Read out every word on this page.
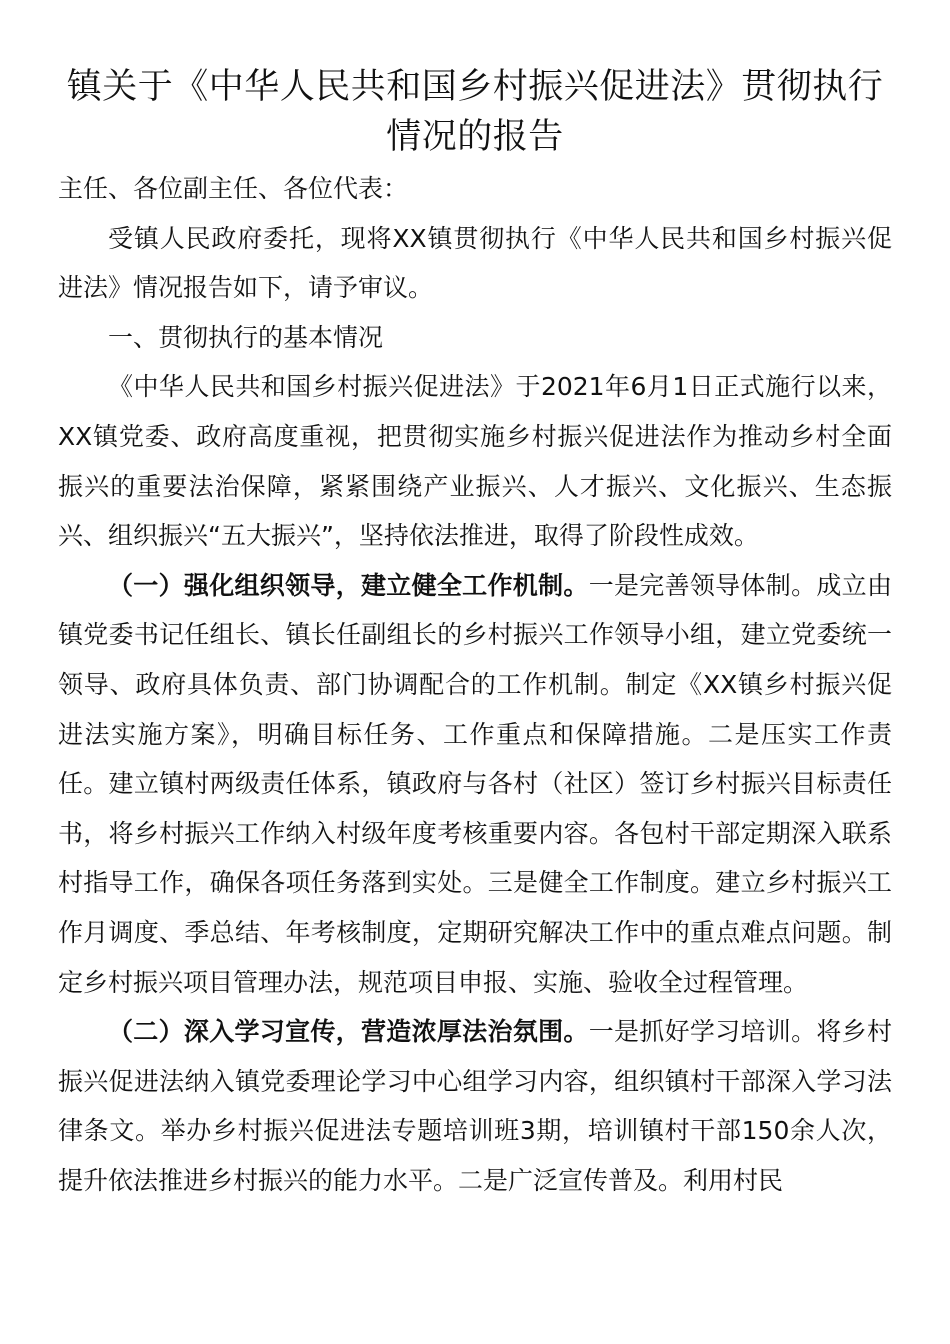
镇关于《中华人民共和国乡村振兴促进法》贯彻执行
情况的报告

主任、各位副主任、各位代表：

受镇人民政府委托，现将XX镇贯彻执行《中华人民共和国乡村振兴促进法》情况报告如下，请予审议。

一、贯彻执行的基本情况

《中华人民共和国乡村振兴促进法》于2021年6月1日正式施行以来，XX镇党委、政府高度重视，把贯彻实施乡村振兴促进法作为推动乡村全面振兴的重要法治保障，紧紧围绕产业振兴、人才振兴、文化振兴、生态振兴、组织振兴“五大振兴”，坚持依法推进，取得了阶段性成效。

（一）强化组织领导，建立健全工作机制。一是完善领导体制。成立由镇党委书记任组长、镇长任副组长的乡村振兴工作领导小组，建立党委统一领导、政府具体负责、部门协调配合的工作机制。制定《XX镇乡村振兴促进法实施方案》，明确目标任务、工作重点和保障措施。二是压实工作责任。建立镇村两级责任体系，镇政府与各村（社区）签订乡村振兴目标责任书，将乡村振兴工作纳入村级年度考核重要内容。各包村干部定期深入联系村指导工作，确保各项任务落到实处。三是健全工作制度。建立乡村振兴工作月调度、季总结、年考核制度，定期研究解决工作中的重点难点问题。制定乡村振兴项目管理办法，规范项目申报、实施、验收全过程管理。

（二）深入学习宣传，营造浓厚法治氛围。一是抓好学习培训。将乡村振兴促进法纳入镇党委理论学习中心组学习内容，组织镇村干部深入学习法律条文。举办乡村振兴促进法专题培训班3期，培训镇村干部150余人次，提升依法推进乡村振兴的能力水平。二是广泛宣传普及。利用村民
